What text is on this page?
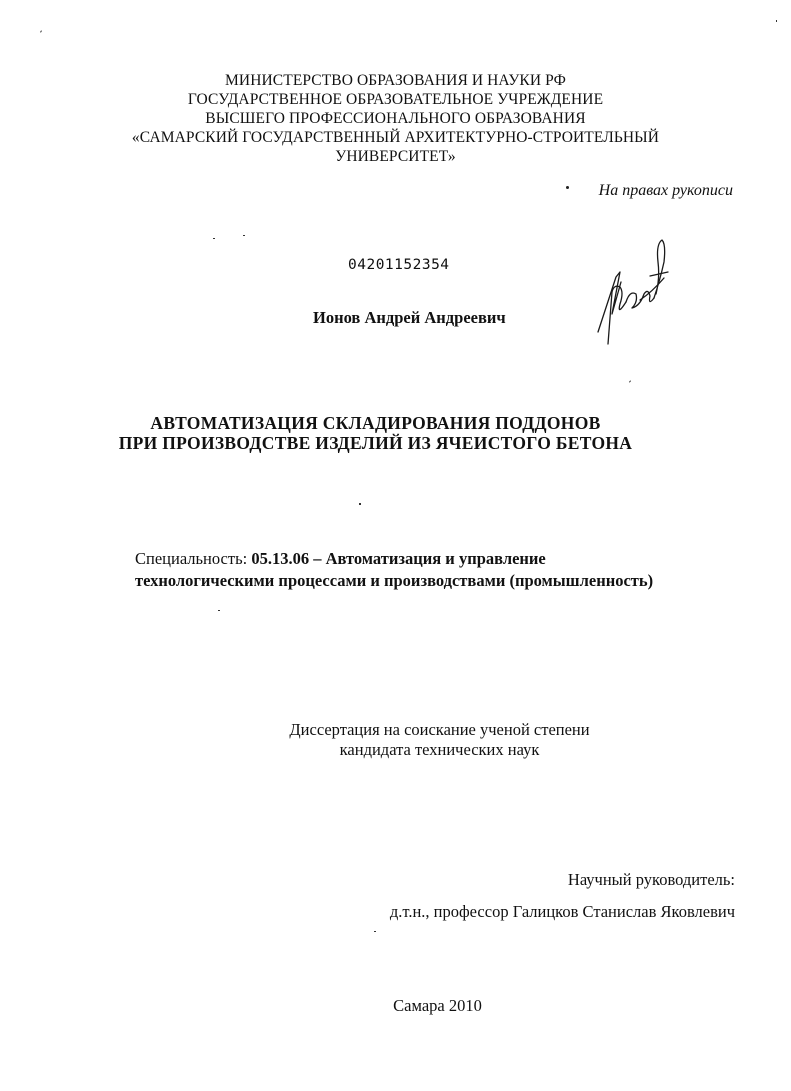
МИНИСТЕРСТВО ОБРАЗОВАНИЯ И НАУКИ РФ
ГОСУДАРСТВЕННОЕ ОБРАЗОВАТЕЛЬНОЕ УЧРЕЖДЕНИЕ
ВЫСШЕГО ПРОФЕССИОНАЛЬНОГО ОБРАЗОВАНИЯ
«САМАРСКИЙ ГОСУДАРСТВЕННЫЙ АРХИТЕКТУРНО-СТРОИТЕЛЬНЫЙ
УНИВЕРСИТЕТ»
На правах рукописи
04201152354
Ионов Андрей Андреевич
АВТОМАТИЗАЦИЯ СКЛАДИРОВАНИЯ ПОДДОНОВ
ПРИ ПРОИЗВОДСТВЕ ИЗДЕЛИЙ ИЗ ЯЧЕИСТОГО БЕТОНА
Специальность: 05.13.06 – Автоматизация и управление
технологическими процессами и производствами (промышленность)
Диссертация на соискание ученой степени
кандидата технических наук
Научный руководитель:
д.т.н., профессор Галицков Станислав Яковлевич
Самара 2010
